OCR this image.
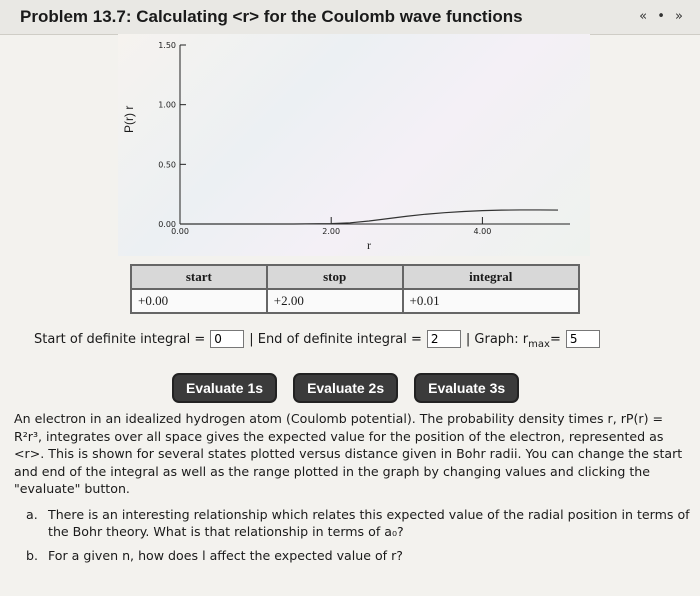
Problem 13.7: Calculating <r> for the Coulomb wave functions	« • »
0.00
0.50
1.00
1.50
0.00	2.00	4.00
P(r) r
r
start	stop	integral
+0.00	+2.00	+0.01
Start of definite integral =
0	| End of definite integral =
2	| Graph: $r_{max}=$
5
Evaluate 1s	Evaluate 2s	Evaluate 3s

An electron in an idealized hydrogen atom (Coulomb potential). The probability density times r, rP(r) = R²r³, integrates over all space gives the expected value for the position of the electron, represented as <r>. This is shown for several states plotted versus distance given in Bohr radii. You can change the start and end of the integral as well as the range plotted in the graph by changing values and clicking the "evaluate" button.

a. There is an interesting relationship which relates this expected value of the radial position in terms of the Bohr theory. What is that relationship in terms of a₀?
b. For a given n, how does l affect the expected value of r?
